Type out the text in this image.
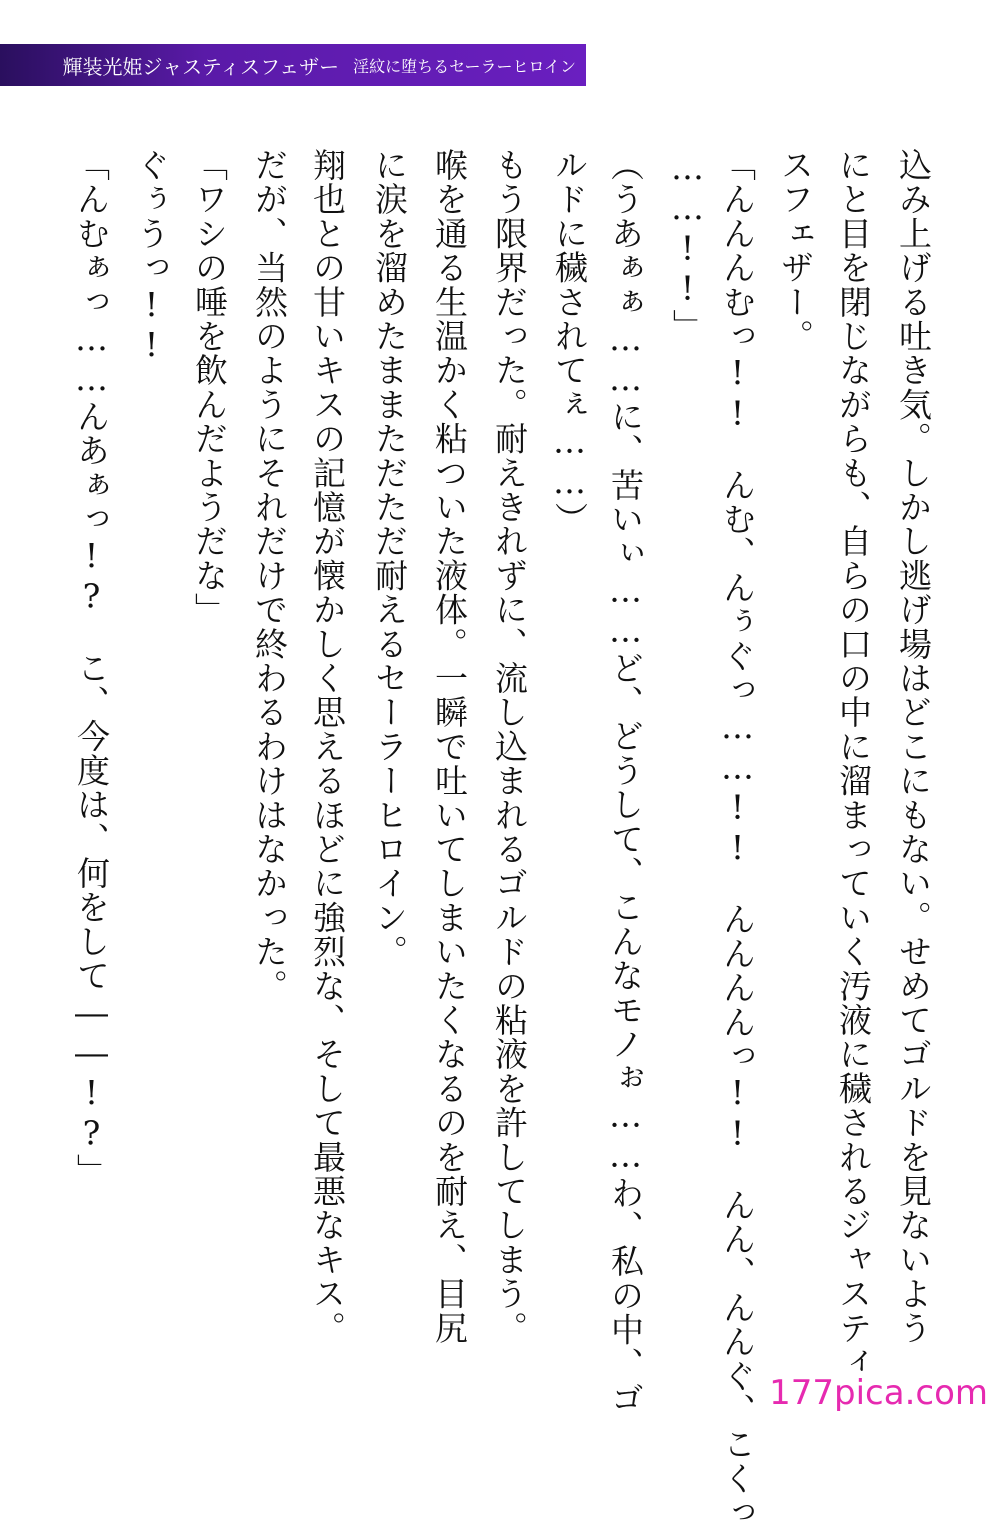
輝装光姫ジャスティスフェザー 淫紋に堕ちるセーラーヒロイン
込み上げる吐き気。しかし逃げ場はどこにもない。せめてゴルドを見ないよう
にと目を閉じながらも、自らの口の中に溜まっていく汚液に穢されるジャスティ
スフェザー。
「んんんむっ!!　んむ、んぅぐっ……!!　んんんんっ!!　んん、んんぐ、こくっ
……!!」
（うあぁぁ……に、苦いぃ……ど、どうして、こんなモノぉ……わ、私の中、ゴ
ルドに穢されてぇ……）
もう限界だった。耐えきれずに、流し込まれるゴルドの粘液を許してしまう。
喉を通る生温かく粘ついた液体。一瞬で吐いてしまいたくなるのを耐え、目尻
に涙を溜めたままただただ耐えるセーラーヒロイン。
翔也との甘いキスの記憶が懐かしく思えるほどに強烈な、そして最悪なキス。
だが、当然のようにそれだけで終わるわけはなかった。
「ワシの唾を飲んだようだな」
ぐぅうっ!!
「んむぁっ……んあぁっ!?　こ、今度は、何をして――!?」
177pica.com
